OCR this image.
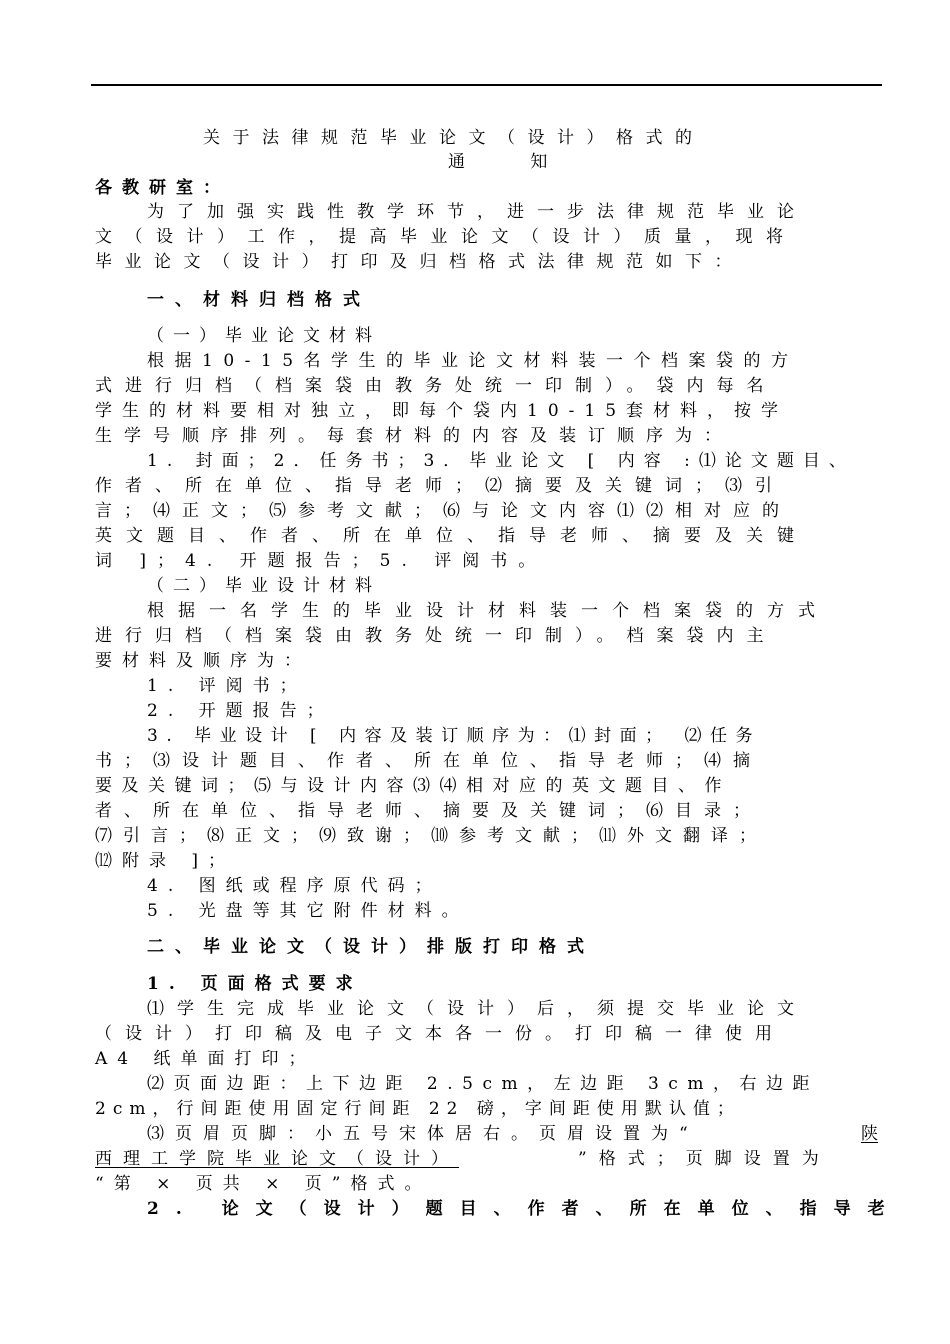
关于法律规范毕业论文（设计）格式的
通 知
各教研室：
为了加强实践性教学环节，进一步法律规范毕业论
文（设计）工作，提高毕业论文（设计）质量，现将
毕业论文（设计）打印及归档格式法律规范如下：
一、材料归档格式
（一）毕业论文材料
根据10-15名学生的毕业论文材料装一个档案袋的方
式进行归档（档案袋由教务处统一印制）。袋内每名
学生的材料要相对独立，即每个袋内10-15套材料，按学
生学号顺序排列。每套材料的内容及装订顺序为：
1. 封面；2．任务书；3．毕业论文 [ 内容 :⑴论文题目、
作者、所在单位、指导老师；⑵摘要及关键词；⑶引
言；⑷正文；⑸参考文献；⑹与论文内容⑴⑵相对应的
英文题目、作者、所在单位、指导老师、摘要及关键
词 ]；4. 开题报告；5. 评阅书。
（二）毕业设计材料
根据一名学生的毕业设计材料装一个档案袋的方式
进行归档（档案袋由教务处统一印制）。档案袋内主
要材料及顺序为：
1. 评阅书；
2. 开题报告；
3. 毕业设计 [ 内容及装订顺序为：⑴封面； ⑵任务
书；⑶设计题目、作者、所在单位、指导老师；⑷摘
要及关键词；⑸与设计内容⑶⑷相对应的英文题目、作
者、所在单位、指导老师、摘要及关键词；⑹目录；
⑺引言；⑻正文；⑼致谢；⑽参考文献；⑾外文翻译；
⑿附录 ]；
4. 图纸或程序原代码；
5. 光盘等其它附件材料。
二、毕业论文（设计）排版打印格式
1. 页面格式要求
⑴学生完成毕业论文（设计）后，须提交毕业论文
（设计）打印稿及电子文本各一份。打印稿一律使用
A4 纸单面打印；
⑵页面边距：上下边距 2.5cm，左边距 3cm，右边距
2cm，行间距使用固定行间距 22 磅，字间距使用默认值；
⑶页眉页脚：小五号宋体居右。页眉设置为“	陕
西理工学院毕业论文（设计）	”格式；页脚设置为
“第 × 页共 × 页”格式。
2. 论文（设计）题目、作者、所在单位、指导老
